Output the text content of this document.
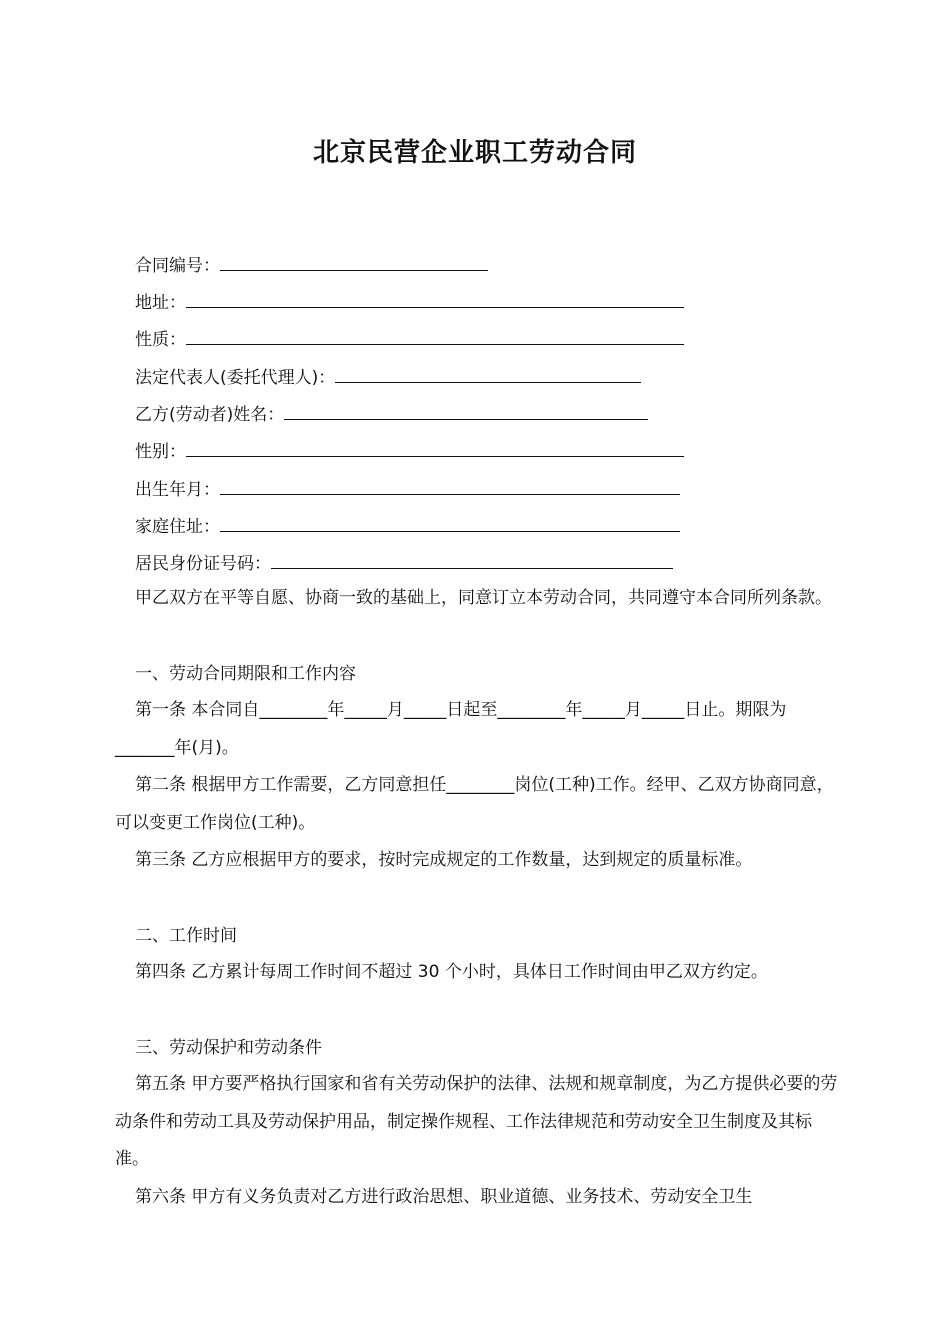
北京民营企业职工劳动合同
合同编号：
地址：
性质：
法定代表人(委托代理人)：
乙方(劳动者)姓名：
性别：
出生年月：
家庭住址：
居民身份证号码：
甲乙双方在平等自愿、协商一致的基础上，同意订立本劳动合同，共同遵守本合同所列条款。
一、劳动合同期限和工作内容
第一条 本合同自________年_____月_____日起至________年_____月_____日止。期限为_______年(月)。
第二条 根据甲方工作需要，乙方同意担任________岗位(工种)工作。经甲、乙双方协商同意，可以变更工作岗位(工种)。
第三条 乙方应根据甲方的要求，按时完成规定的工作数量，达到规定的质量标准。
二、工作时间
第四条 乙方累计每周工作时间不超过 30 个小时，具体日工作时间由甲乙双方约定。
三、劳动保护和劳动条件
第五条 甲方要严格执行国家和省有关劳动保护的法律、法规和规章制度，为乙方提供必要的劳动条件和劳动工具及劳动保护用品，制定操作规程、工作法律规范和劳动安全卫生制度及其标准。
第六条 甲方有义务负责对乙方进行政治思想、职业道德、业务技术、劳动安全卫生
